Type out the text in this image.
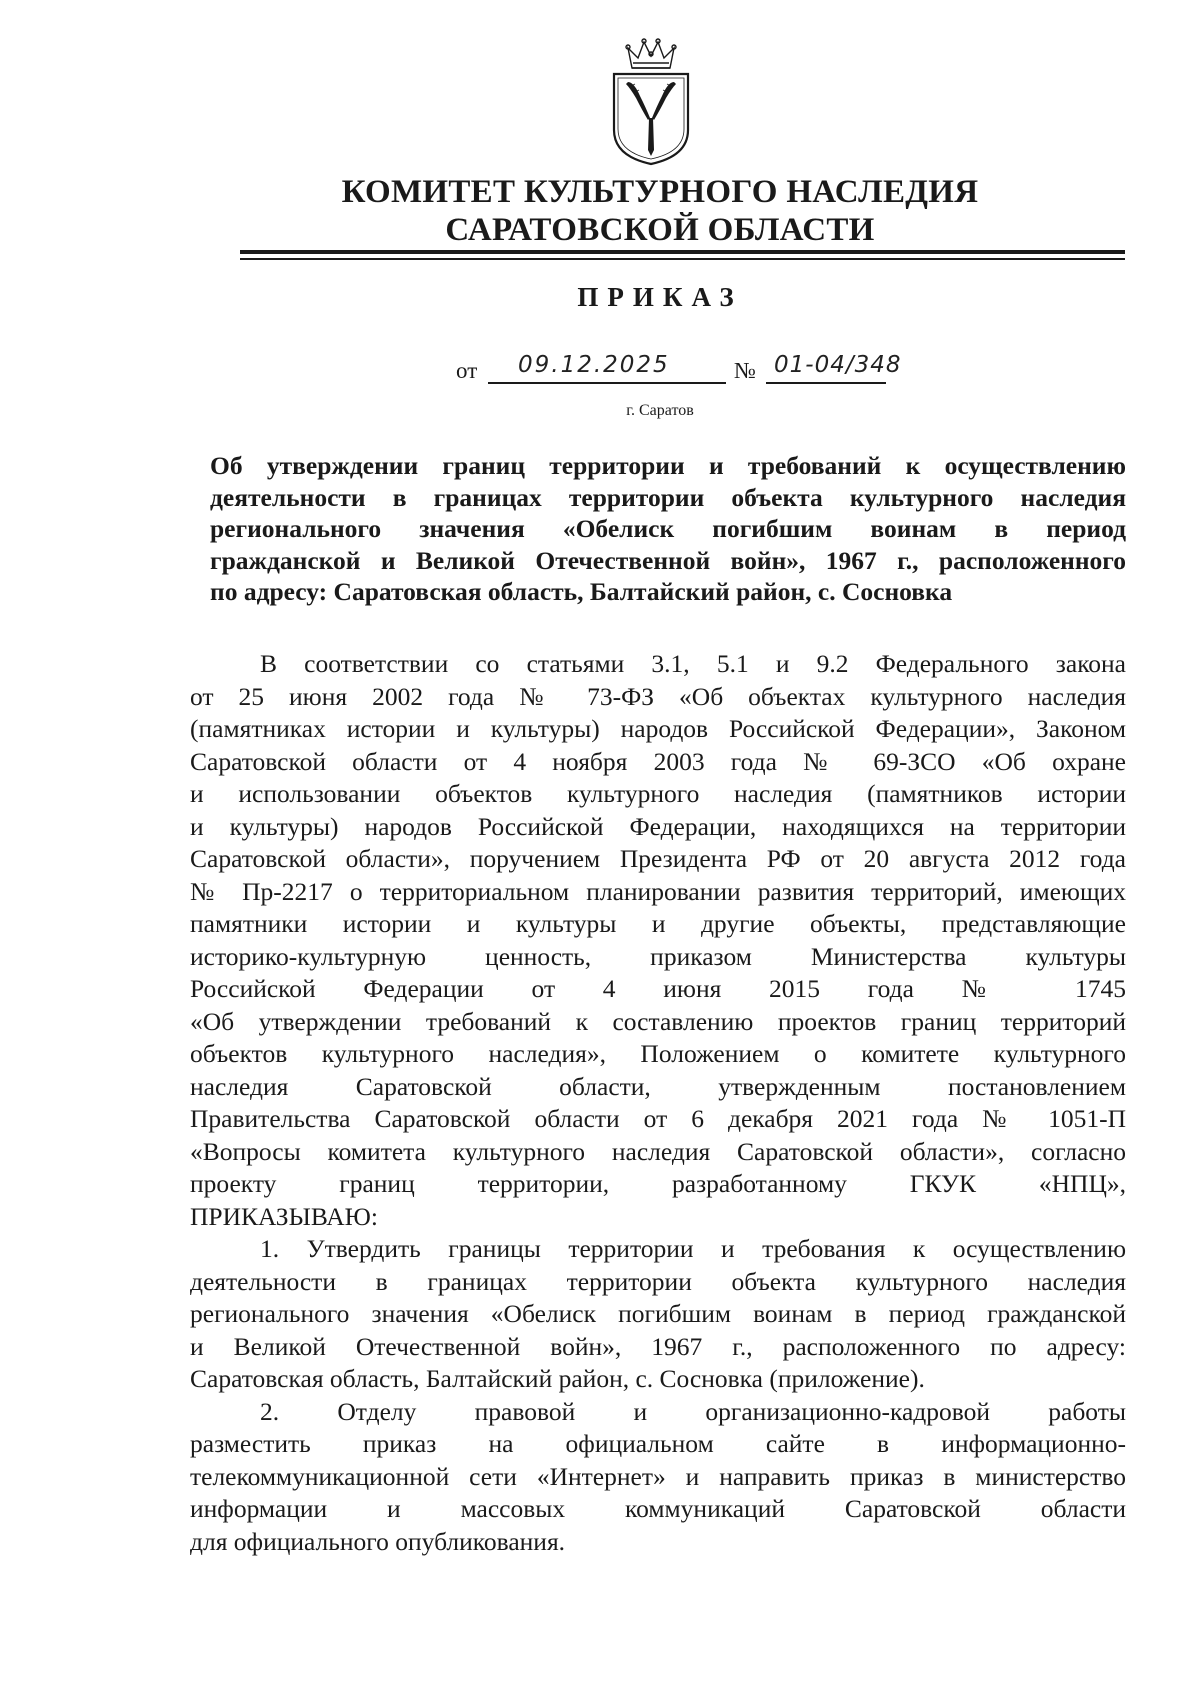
КОМИТЕТ КУЛЬТУРНОГО НАСЛЕДИЯ
САРАТОВСКОЙ ОБЛАСТИ
ПРИКАЗ
от 09.12.2025	№ 01-04/348
г. Саратов
Об утверждении границ территории и требований к осуществлению
деятельности в границах территории объекта культурного наследия
регионального значения «Обелиск погибшим воинам в период
гражданской и Великой Отечественной войн», 1967 г., расположенного
по адресу: Саратовская область, Балтайский район, с. Сосновка
В соответствии со статьями 3.1, 5.1 и 9.2 Федерального закона
от 25 июня 2002 года № 73-ФЗ «Об объектах культурного наследия
(памятниках истории и культуры) народов Российской Федерации», Законом
Саратовской области от 4 ноября 2003 года № 69-ЗСО «Об охране
и использовании объектов культурного наследия (памятников истории
и культуры) народов Российской Федерации, находящихся на территории
Саратовской области», поручением Президента РФ от 20 августа 2012 года
№ Пр-2217 о территориальном планировании развития территорий, имеющих
памятники истории и культуры и другие объекты, представляющие
историко-культурную ценность, приказом Министерства культуры
Российской Федерации от 4 июня 2015 года № 1745
«Об утверждении требований к составлению проектов границ территорий
объектов культурного наследия», Положением о комитете культурного
наследия Саратовской области, утвержденным постановлением
Правительства Саратовской области от 6 декабря 2021 года № 1051-П
«Вопросы комитета культурного наследия Саратовской области», согласно
проекту границ территории, разработанному ГКУК «НПЦ»,
ПРИКАЗЫВАЮ:
1. Утвердить границы территории и требования к осуществлению
деятельности в границах территории объекта культурного наследия
регионального значения «Обелиск погибшим воинам в период гражданской
и Великой Отечественной войн», 1967 г., расположенного по адресу:
Саратовская область, Балтайский район, с. Сосновка (приложение).
2. Отделу правовой и организационно-кадровой работы
разместить приказ на официальном сайте в информационно-
телекоммуникационной сети «Интернет» и направить приказ в министерство
информации и массовых коммуникаций Саратовской области
для официального опубликования.
